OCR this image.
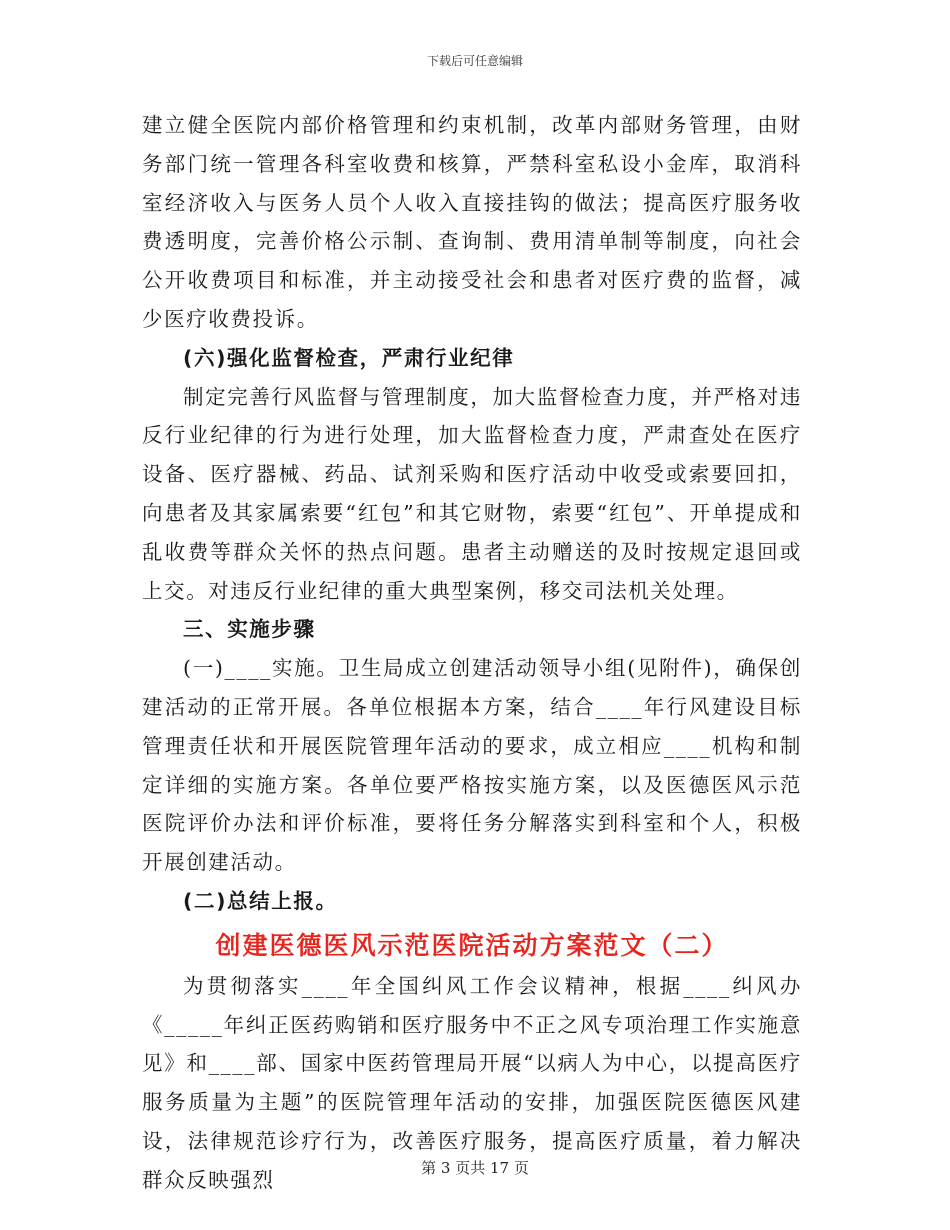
下载后可任意编辑

建立健全医院内部价格管理和约束机制，改革内部财务管理，由财务部门统一管理各科室收费和核算，严禁科室私设小金库，取消科室经济收入与医务人员个人收入直接挂钩的做法；提高医疗服务收费透明度，完善价格公示制、查询制、费用清单制等制度，向社会公开收费项目和标准，并主动接受社会和患者对医疗费的监督，减少医疗收费投诉。

(六)强化监督检查，严肃行业纪律

制定完善行风监督与管理制度，加大监督检查力度，并严格对违反行业纪律的行为进行处理，加大监督检查力度，严肃查处在医疗设备、医疗器械、药品、试剂采购和医疗活动中收受或索要回扣，向患者及其家属索要“红包”和其它财物，索要“红包”、开单提成和乱收费等群众关怀的热点问题。患者主动赠送的及时按规定退回或上交。对违反行业纪律的重大典型案例，移交司法机关处理。

三、实施步骤

(一)____实施。卫生局成立创建活动领导小组(见附件)，确保创建活动的正常开展。各单位根据本方案，结合____年行风建设目标管理责任状和开展医院管理年活动的要求，成立相应____机构和制定详细的实施方案。各单位要严格按实施方案，以及医德医风示范医院评价办法和评价标准，要将任务分解落实到科室和个人，积极开展创建活动。

(二)总结上报。

创建医德医风示范医院活动方案范文（二）

为贯彻落实____年全国纠风工作会议精神，根据____纠风办《_____年纠正医药购销和医疗服务中不正之风专项治理工作实施意见》和____部、国家中医药管理局开展“以病人为中心，以提高医疗服务质量为主题”的医院管理年活动的安排，加强医院医德医风建设，法律规范诊疗行为，改善医疗服务，提高医疗质量，着力解决群众反映强烈	第 3 页共 17 页
